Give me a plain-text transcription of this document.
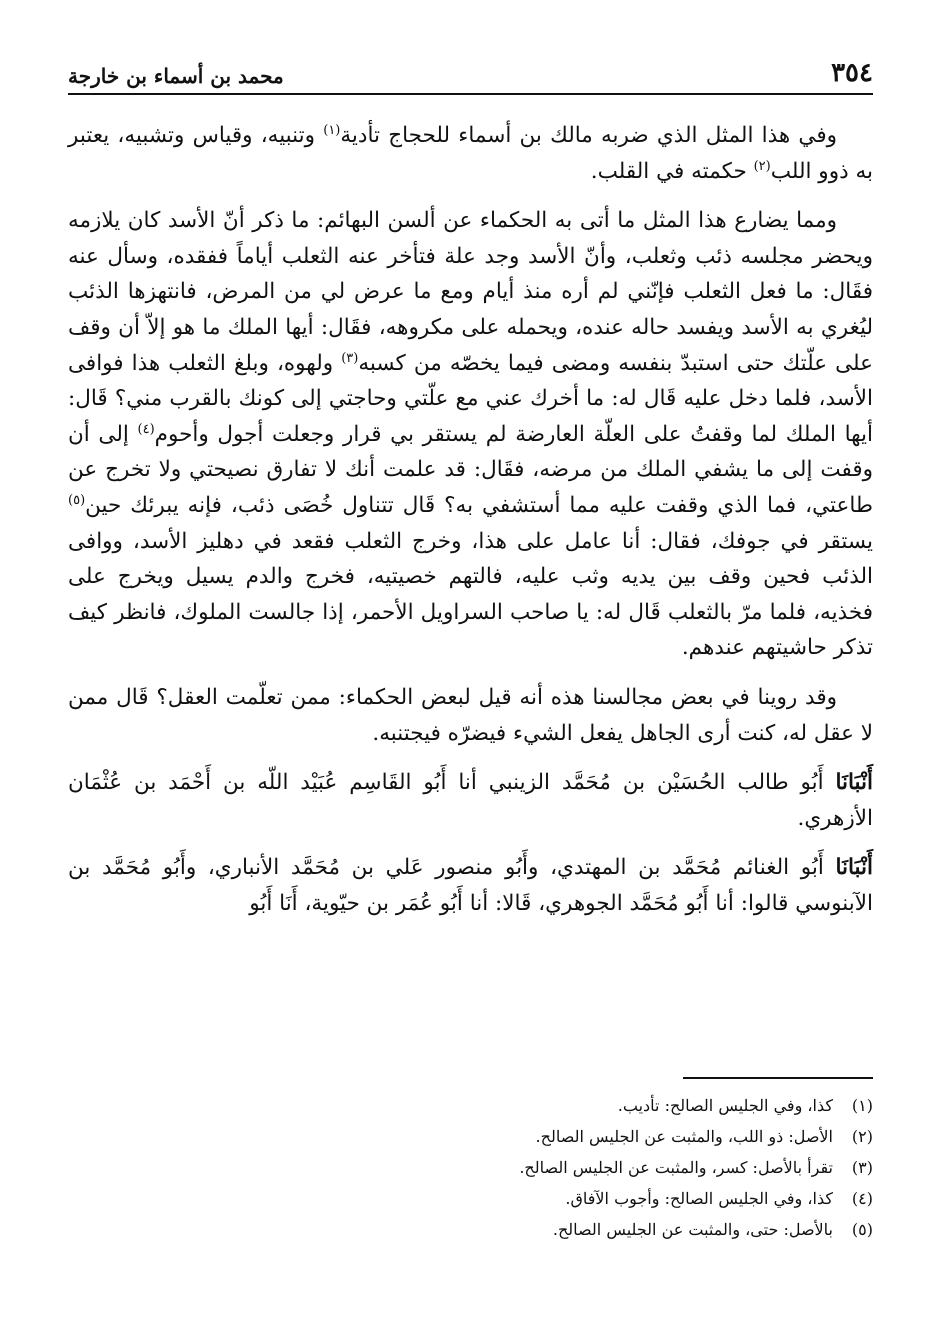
٣٥٤
محمد بن أسماء بن خارجة

وفي هذا المثل الذي ضربه مالك بن أسماء للحجاج تأدية$^{(١)}$ وتنبيه، وقياس وتشبيه، يعتبر به ذوو اللب$^{(٢)}$ حكمته في القلب.

ومما يضارع هذا المثل ما أتى به الحكماء عن ألسن البهائم: ما ذكر أنّ الأسد كان يلازمه ويحضر مجلسه ذئب وثعلب، وأنّ الأسد وجد علة فتأخر عنه الثعلب أياماً ففقده، وسأل عنه فقَال: ما فعل الثعلب فإنّني لم أره منذ أيام ومع ما عرض لي من المرض، فانتهزها الذئب ليُغري به الأسد ويفسد حاله عنده، ويحمله على مكروهه، فقَال: أيها الملك ما هو إلاّ أن وقف على علّتك حتى استبدّ بنفسه ومضى فيما يخصّه من كسبه$^{(٣)}$ ولهوه، وبلغ الثعلب هذا فوافى الأسد، فلما دخل عليه قَال له: ما أخرك عني مع علّتي وحاجتي إلى كونك بالقرب مني؟ قَال: أيها الملك لما وقفتُ على العلّة العارضة لم يستقر بي قرار وجعلت أجول وأحوم$^{(٤)}$ إلى أن وقفت إلى ما يشفي الملك من مرضه، فقَال: قد علمت أنك لا تفارق نصيحتي ولا تخرج عن طاعتي، فما الذي وقفت عليه مما أستشفي به؟ قَال تتناول خُصَى ذئب، فإنه يبرئك حين$^{(٥)}$ يستقر في جوفك، فقال: أنا عامل على هذا، وخرج الثعلب فقعد في دهليز الأسد، ووافى الذئب فحين وقف بين يديه وثب عليه، فالتهم خصيتيه، فخرج والدم يسيل ويخرج على فخذيه، فلما مرّ بالثعلب قَال له: يا صاحب السراويل الأحمر، إذا جالست الملوك، فانظر كيف تذكر حاشيتهم عندهم.

وقد روينا في بعض مجالسنا هذه أنه قيل لبعض الحكماء: ممن تعلّمت العقل؟ قَال ممن لا عقل له، كنت أرى الجاهل يفعل الشيء فيضرّه فيجتنبه.

أَنْبَانَا أَبُو طالب الحُسَيْن بن مُحَمَّد الزينبي أنا أَبُو القَاسِم عُبَيْد اللّه بن أَحْمَد بن عُثْمَان الأزهري.

أَنْبَانَا أَبُو الغنائم مُحَمَّد بن المهتدي، وأَبُو منصور عَلي بن مُحَمَّد الأنباري، وأَبُو مُحَمَّد بن الآبنوسي قالوا: أنا أَبُو مُحَمَّد الجوهري، قَالا: أنا أَبُو عُمَر بن حيّوية، أَنَا أَبُو

(١)
كذا، وفي الجليس الصالح: تأديب.
(٢)
الأصل: ذو اللب، والمثبت عن الجليس الصالح.
(٣)
تقرأ بالأصل: كسر، والمثبت عن الجليس الصالح.
(٤)
كذا، وفي الجليس الصالح: وأجوب الآفاق.
(٥)
بالأصل: حتى، والمثبت عن الجليس الصالح.
